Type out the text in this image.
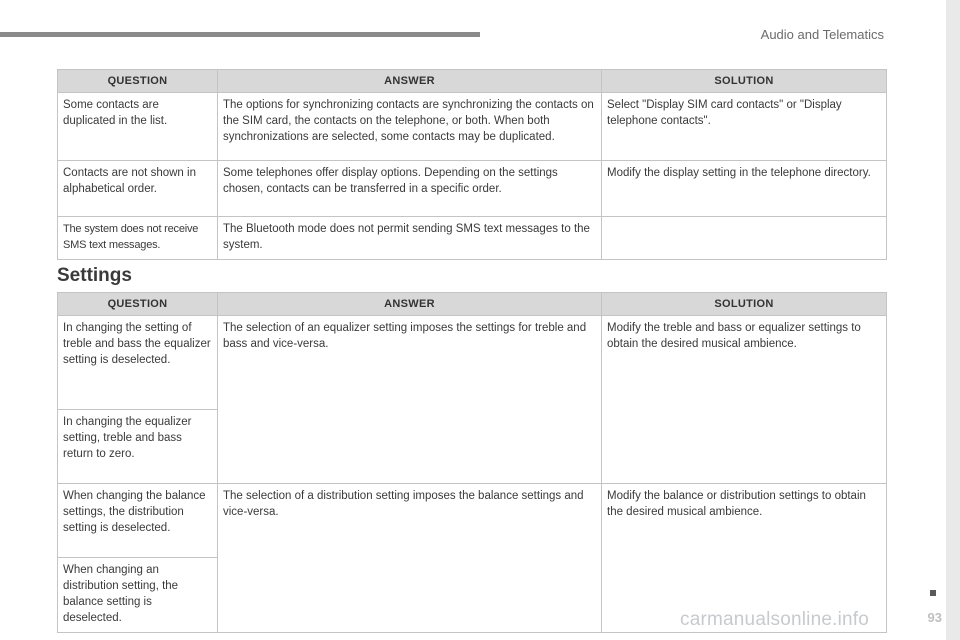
Audio and Telematics
93
QUESTION	ANSWER	SOLUTION
Some contacts are duplicated in the list.	The options for synchronizing contacts are synchronizing the contacts on the SIM card, the contacts on the telephone, or both. When both synchronizations are selected, some contacts may be duplicated.	Select "Display SIM card contacts" or "Display telephone contacts".
Contacts are not shown in alphabetical order.	Some telephones offer display options. Depending on the settings chosen, contacts can be transferred in a specific order.	Modify the display setting in the telephone directory.
The system does not receive SMS text messages.	The Bluetooth mode does not permit sending SMS text messages to the system.	
Settings
QUESTION	ANSWER	SOLUTION
In changing the setting of treble and bass the equalizer setting is deselected.	The selection of an equalizer setting imposes the settings for treble and bass and vice-versa.	Modify the treble and bass or equalizer settings to obtain the desired musical ambience.
In changing the equalizer setting, treble and bass return to zero.		
When changing the balance settings, the distribution setting is deselected.	The selection of a distribution setting imposes the balance settings and vice-versa.	Modify the balance or distribution settings to obtain the desired musical ambience.
When changing an distribution setting, the balance setting is deselected.			carmanualsonline.info
